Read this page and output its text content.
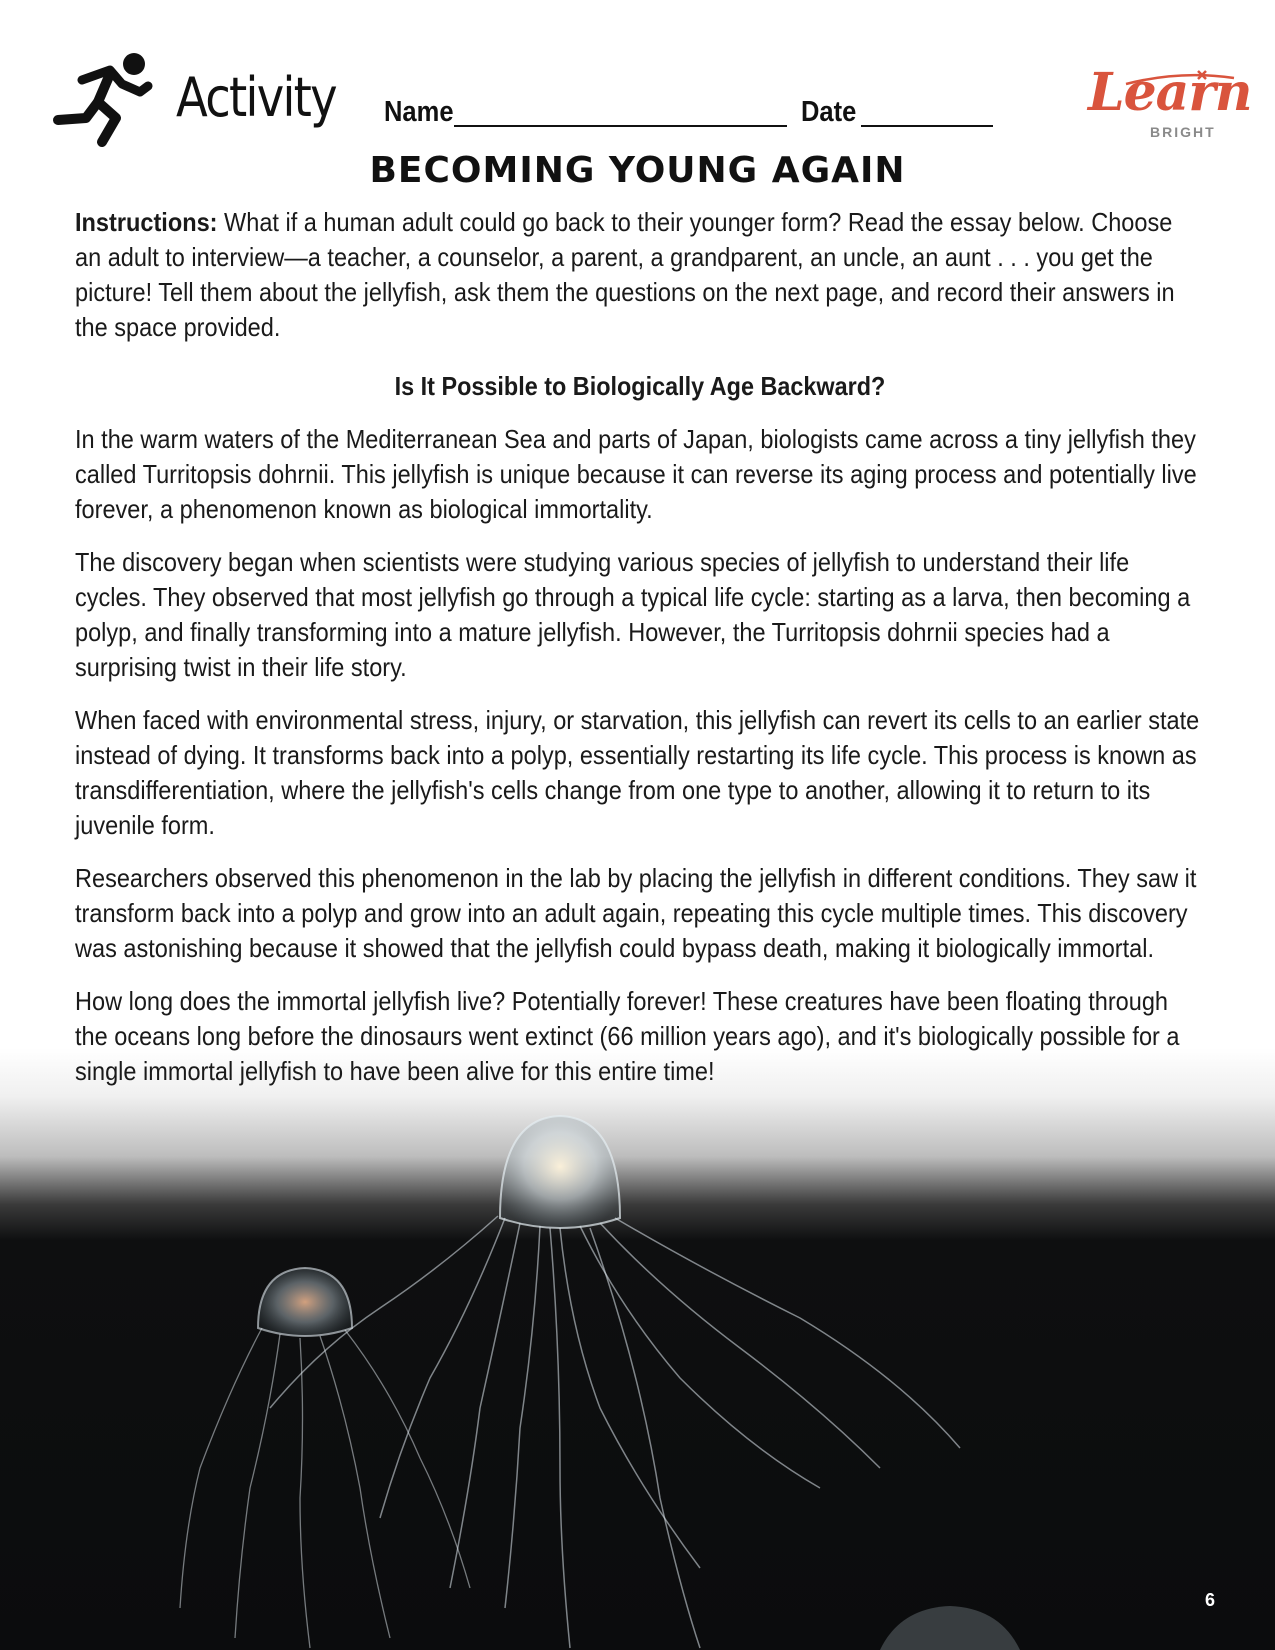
Activity Name	Date	Learn
BRIGHT
BECOMING YOUNG AGAIN

Instructions: What if a human adult could go back to their younger form? Read the essay below. Choose an adult to interview—a teacher, a counselor, a parent, a grandparent, an uncle, an aunt . . . you get the picture! Tell them about the jellyfish, ask them the questions on the next page, and record their answers in the space provided.

Is It Possible to Biologically Age Backward?

In the warm waters of the Mediterranean Sea and parts of Japan, biologists came across a tiny jellyfish they called Turritopsis dohrnii. This jellyfish is unique because it can reverse its aging process and potentially live forever, a phenomenon known as biological immortality.

The discovery began when scientists were studying various species of jellyfish to understand their life cycles. They observed that most jellyfish go through a typical life cycle: starting as a larva, then becoming a polyp, and finally transforming into a mature jellyfish. However, the Turritopsis dohrnii species had a surprising twist in their life story.

When faced with environmental stress, injury, or starvation, this jellyfish can revert its cells to an earlier state instead of dying. It transforms back into a polyp, essentially restarting its life cycle. This process is known as transdifferentiation, where the jellyfish's cells change from one type to another, allowing it to return to its juvenile form.

Researchers observed this phenomenon in the lab by placing the jellyfish in different conditions. They saw it transform back into a polyp and grow into an adult again, repeating this cycle multiple times. This discovery was astonishing because it showed that the jellyfish could bypass death, making it biologically immortal.

How long does the immortal jellyfish live? Potentially forever! These creatures have been floating through the oceans long before the dinosaurs went extinct (66 million years ago), and it's biologically possible for a single immortal jellyfish to have been alive for this entire time!

6
